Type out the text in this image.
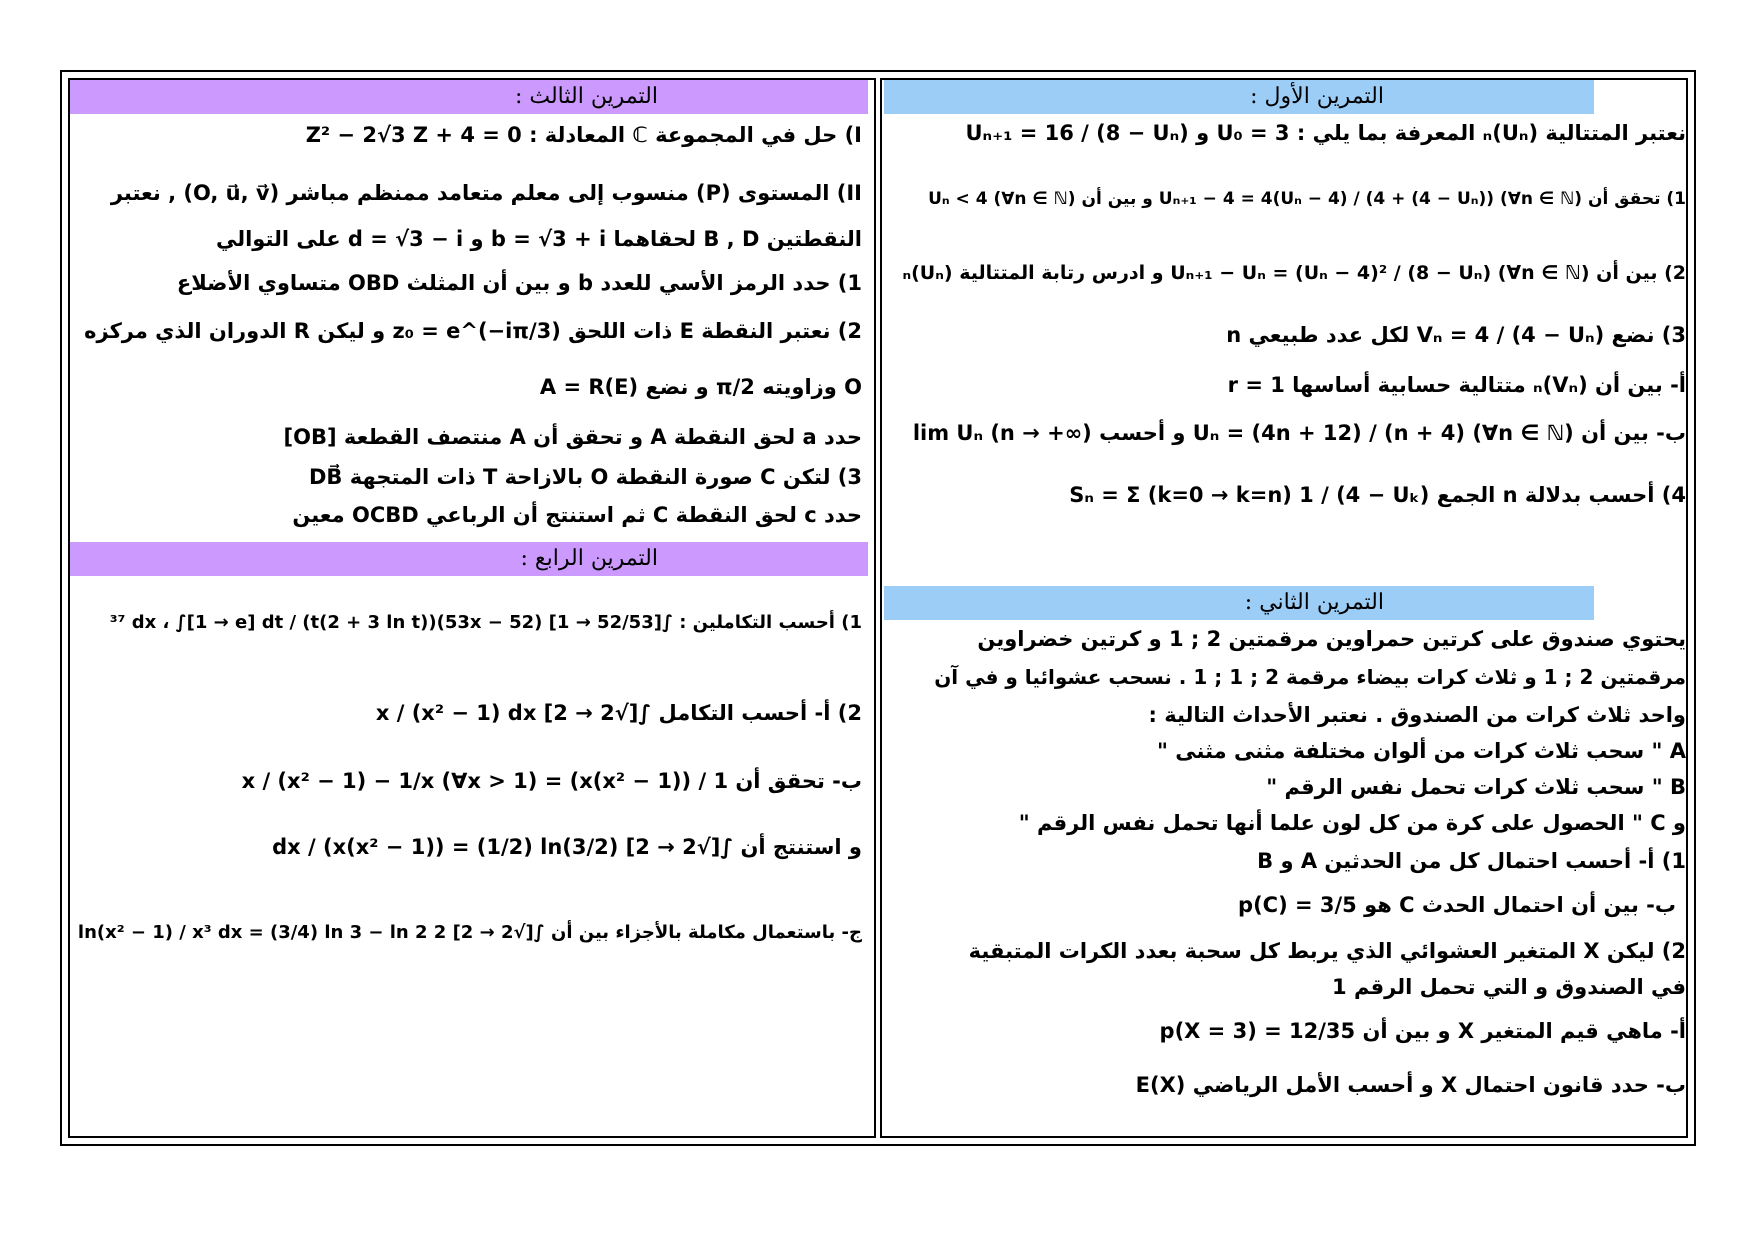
التمرين الأول :
نعتبر المتتالية (Uₙ)ₙ المعرفة بما يلي : U₀ = 3 و Uₙ₊₁ = 16 / (8 − Uₙ)
1) تحقق أن Uₙ₊₁ − 4 = 4(Uₙ − 4) / (4 + (4 − Uₙ)) (∀n ∈ ℕ) و بين أن Uₙ < 4 (∀n ∈ ℕ)
2) بين أن Uₙ₊₁ − Uₙ = (Uₙ − 4)² / (8 − Uₙ) (∀n ∈ ℕ) و ادرس رتابة المتتالية (Uₙ)ₙ
3) نضع Vₙ = 4 / (4 − Uₙ) لكل عدد طبيعي n
أ- بين أن (Vₙ)ₙ متتالية حسابية أساسها r = 1
ب- بين أن Uₙ = (4n + 12) / (n + 4) (∀n ∈ ℕ) و أحسب lim Uₙ (n → +∞)
4) أحسب بدلالة n الجمع Sₙ = Σ (k=0 → k=n) 1 / (4 − Uₖ)
التمرين الثاني :
يحتوي صندوق على كرتين حمراوين مرقمتين 2 ; 1 و كرتين خضراوين
مرقمتين 2 ; 1 و ثلاث كرات بيضاء مرقمة 2 ; 1 ; 1 . نسحب عشوائيا و في آن
واحد ثلاث كرات من الصندوق . نعتبر الأحداث التالية :
A " سحب ثلاث كرات من ألوان مختلفة مثنى مثنى "
B " سحب ثلاث كرات تحمل نفس الرقم "
و C " الحصول على كرة من كل لون علما أنها تحمل نفس الرقم "
1) أ- أحسب احتمال كل من الحدثين A و B
ب- بين أن احتمال الحدث C هو p(C) = 3/5
2) ليكن X المتغير العشوائي الذي يربط كل سحبة بعدد الكرات المتبقية
في الصندوق و التي تحمل الرقم 1
أ- ماهي قيم المتغير X و بين أن p(X = 3) = 12/35
ب- حدد قانون احتمال X و أحسب الأمل الرياضي E(X)
التمرين الثالث :
I) حل في المجموعة ℂ المعادلة : Z² − 2√3 Z + 4 = 0
II) المستوى (P) منسوب إلى معلم متعامد ممنظم مباشر (O, u⃗, v⃗) , نعتبر
النقطتين B , D لحقاهما b = √3 + i و d = √3 − i على التوالي
1) حدد الرمز الأسي للعدد b و بين أن المثلث OBD متساوي الأضلاع
2) نعتبر النقطة E ذات اللحق z₀ = e^(−iπ/3) و ليكن R الدوران الذي مركزه
O وزاويته π/2 و نضع A = R(E)
حدد a لحق النقطة A و تحقق أن A منتصف القطعة [OB]
3) لتكن C صورة النقطة O بالازاحة T ذات المتجهة DB⃗
حدد c لحق النقطة C ثم استنتج أن الرباعي OCBD معين
التمرين الرابع :
1) أحسب التكاملين : ∫[52/53 → 1] (53x − 52)³⁷ dx ، ∫[1 → e] dt / (t(2 + 3 ln t))
2) أ- أحسب التكامل ∫[√2 → 2] x / (x² − 1) dx
ب- تحقق أن 1 / (x(x² − 1)) = x / (x² − 1) − 1/x (∀x > 1)
و استنتج أن ∫[√2 → 2] dx / (x(x² − 1)) = (1/2) ln(3/2)
ج- باستعمال مكاملة بالأجزاء بين أن ∫[√2 → 2] 2 ln(x² − 1) / x³ dx = (3/4) ln 3 − ln 2
